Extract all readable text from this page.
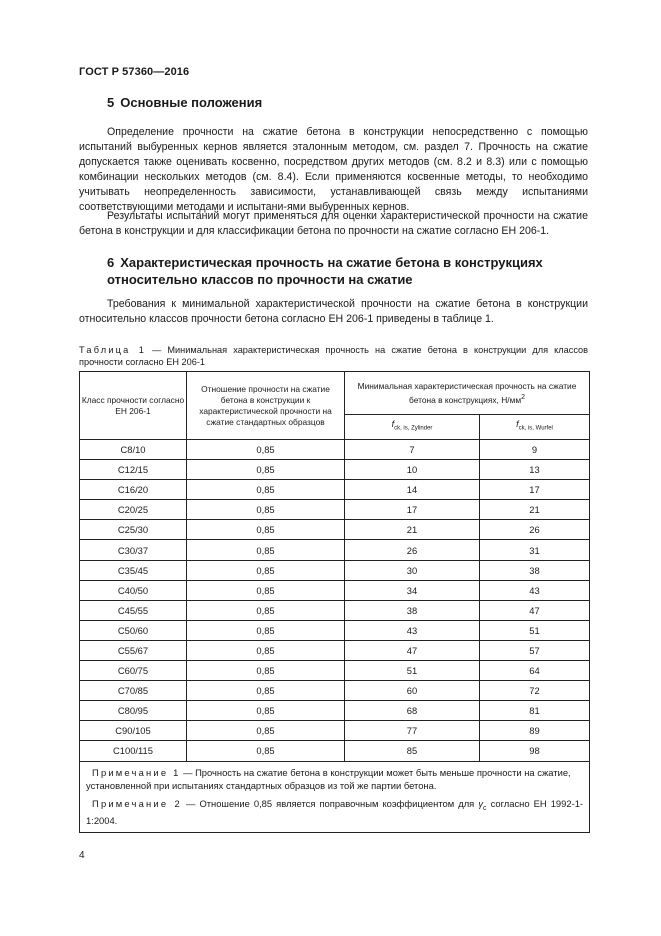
ГОСТ Р 57360—2016
5 Основные положения

Определение прочности на сжатие бетона в конструкции непосредственно с помощью испытаний выбуренных кернов является эталонным методом, см. раздел 7. Прочность на сжатие допускается также оценивать косвенно, посредством других методов (см. 8.2 и 8.3) или с помощью комбинации нескольких методов (см. 8.4). Если применяются косвенные методы, то необходимо учитывать неопределенность зависимости, устанавливающей связь между испытаниями соответствующими методами и испытани-ями выбуренных кернов.

Результаты испытаний могут применяться для оценки характеристической прочности на сжатие бетона в конструкции и для классификации бетона по прочности на сжатие согласно ЕН 206-1.

6 Характеристическая прочность на сжатие бетона в конструкциях относительно классов по прочности на сжатие

Требования к минимальной характеристической прочности на сжатие бетона в конструкции относительно классов прочности бетона согласно ЕН 206-1 приведены в таблице 1.

Таблица 1 — Минимальная характеристическая прочность на сжатие бетона в конструкции для классов прочности согласно ЕН 206-1
Класс прочности согласно ЕН 206-1	Отношение прочности на сжатие бетона в конструкции к характеристической прочности на сжатие стандартных образцов	Минимальная характеристическая прочность на сжатие бетона в конструкциях, $Н/мм^2$
		$f_{ck, is, Zylinder}$	$f_{ck, is, Wurfel}$
C8/10	0,85	7	9
C12/15	0,85	10	13
C16/20	0,85	14	17
C20/25	0,85	17	21
C25/30	0,85	21	26
C30/37	0,85	26	31
C35/45	0,85	30	38
C40/50	0,85	34	43
C45/55	0,85	38	47
C50/60	0,85	43	51
C55/67	0,85	47	57
C60/75	0,85	51	64
C70/85	0,85	60	72
C80/95	0,85	68	81
C90/105	0,85	77	89
C100/115	0,85	85	98

Примечание 1 — Прочность на сжатие бетона в конструкции может быть меньше прочности на сжатие, установленной при испытаниях стандартных образцов из той же партии бетона.
Примечание 2 — Отношение 0,85 является поправочным коэффициентом для $\gamma_c$ согласно ЕН 1992-1-1:2004.			
4
